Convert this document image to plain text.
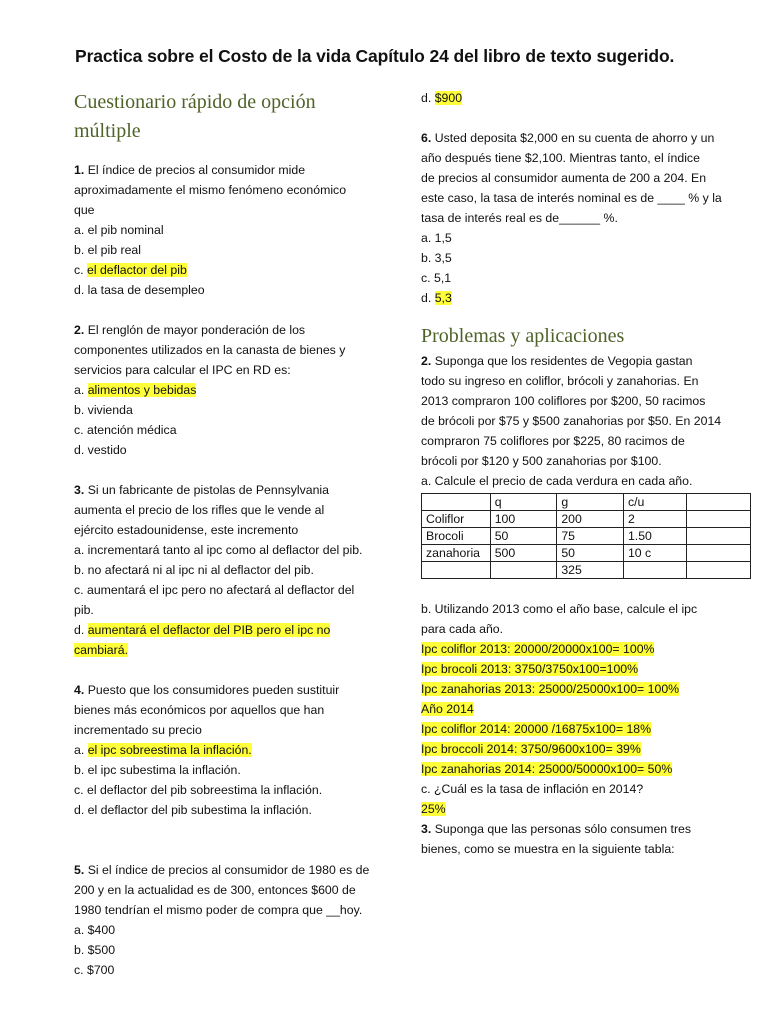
Practica sobre el Costo de la vida Capítulo 24 del libro de texto sugerido.
Cuestionario rápido de opción
múltiple
1. El índice de precios al consumidor mide
aproximadamente el mismo fenómeno económico
que
a. el pib nominal
b. el pib real
c. el deflactor del pib
d. la tasa de desempleo
2. El renglón de mayor ponderación de los
componentes utilizados en la canasta de bienes y
servicios para calcular el IPC en RD es:
a. alimentos y bebidas
b. vivienda
c. atención médica
d. vestido
3. Si un fabricante de pistolas de Pennsylvania
aumenta el precio de los rifles que le vende al
ejército estadounidense, este incremento
a. incrementará tanto al ipc como al deflactor del pib.
b. no afectará ni al ipc ni al deflactor del pib.
c. aumentará el ipc pero no afectará al deflactor del
pib.
d. aumentará el deflactor del PIB pero el ipc no
cambiará.
4. Puesto que los consumidores pueden sustituir
bienes más económicos por aquellos que han
incrementado su precio
a. el ipc sobreestima la inflación.
b. el ipc subestima la inflación.
c. el deflactor del pib sobreestima la inflación.
d. el deflactor del pib subestima la inflación.
5. Si el índice de precios al consumidor de 1980 es de
200 y en la actualidad es de 300, entonces $600 de
1980 tendrían el mismo poder de compra que __hoy.
a. $400
b. $500
c. $700
d. $900
6. Usted deposita $2,000 en su cuenta de ahorro y un
año después tiene $2,100. Mientras tanto, el índice
de precios al consumidor aumenta de 200 a 204. En
este caso, la tasa de interés nominal es de ____ % y la
tasa de interés real es de______ %.
a. 1,5
b. 3,5
c. 5,1
d. 5,3
Problemas y aplicaciones
2. Suponga que los residentes de Vegopia gastan
todo su ingreso en coliflor, brócoli y zanahorias. En
2013 compraron 100 coliflores por $200, 50 racimos
de brócoli por $75 y $500 zanahorias por $50. En 2014
compraron 75 coliflores por $225, 80 racimos de
brócoli por $120 y 500 zanahorias por $100.
a. Calcule el precio de cada verdura en cada año.
	q	g	c/u	
Coliflor	100	200	2	
Brocoli	50	75	1.50	
zanahoria	500	50	10 c	
		325		
b. Utilizando 2013 como el año base, calcule el ipc
para cada año.
Ipc coliflor 2013: 20000/20000x100= 100%
Ipc brocoli 2013: 3750/3750x100=100%
Ipc zanahorias 2013: 25000/25000x100= 100%
Año 2014
Ipc coliflor 2014: 20000 /16875x100= 18%
Ipc broccoli 2014: 3750/9600x100= 39%
Ipc zanahorias 2014: 25000/50000x100= 50%
c. ¿Cuál es la tasa de inflación en 2014?
25%
3. Suponga que las personas sólo consumen tres
bienes, como se muestra en la siguiente tabla:
